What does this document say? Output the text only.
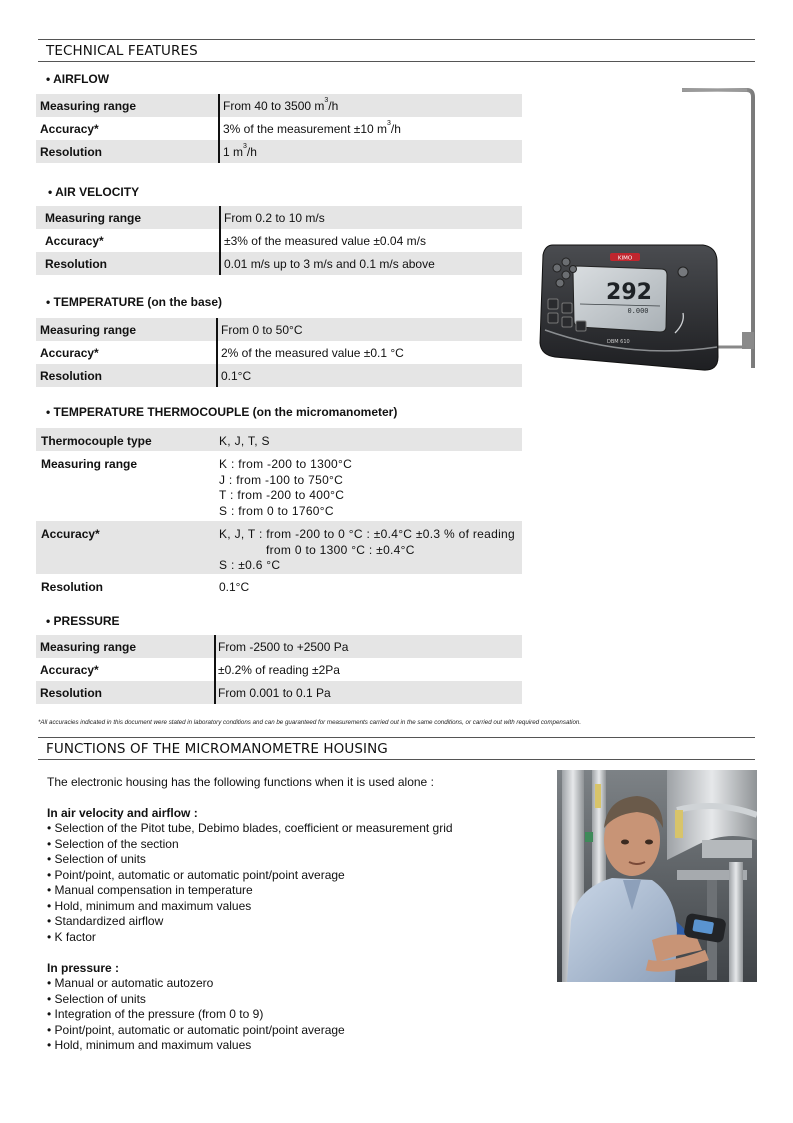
TECHNICAL FEATURES
• AIRFLOW
Measuring range	From 40 to 3500 $m^3/h$
Accuracy*	3% of the measurement ±10 $m^3/h$
Resolution	1 $m^3/h$
• AIR VELOCITY
Measuring range	From 0.2 to 10 m/s
Accuracy*	±3% of the measured value ±0.04 m/s
Resolution	0.01 m/s up to 3 m/s and 0.1 m/s above
• TEMPERATURE (on the base)
Measuring range	From 0 to 50°C
Accuracy*	2% of the measured value ±0.1 °C
Resolution	0.1°C
• TEMPERATURE THERMOCOUPLE (on the micromanometer)
Thermocouple type	K, J, T, S
Measuring range	K : from -200 to 1300°C
J : from -100 to 750°C
T : from -200 to 400°C
S : from 0 to 1760°C
Accuracy*	K, J, T : from -200 to 0 °C : ±0.4°C ±0.3 % of reading
from 0 to 1300 °C : ±0.4°C
S : ±0.6 °C
Resolution	0.1°C
• PRESSURE
Measuring range	From -2500 to +2500 Pa
Accuracy*	±0.2% of reading ±2Pa
Resolution	From 0.001 to 0.1 Pa
*All accuracies indicated in this document were stated in laboratory conditions and can be guaranteed for measurements carried out in the same conditions, or carried out with required compensation.
KIMO
292
0.000
DBM 610
FUNCTIONS OF THE MICROMANOMETRE HOUSING
The electronic housing has the following functions when it is used alone :
In air velocity and airflow :
• Selection of the Pitot tube, Debimo blades, coefficient or measurement grid
• Selection of the section
• Selection of units
• Point/point, automatic or automatic point/point average
• Manual compensation in temperature
• Hold, minimum and maximum values
• Standardized airflow
• K factor
In pressure :
• Manual or automatic autozero
• Selection of units
• Integration of the pressure (from 0 to 9)
• Point/point, automatic or automatic point/point average
• Hold, minimum and maximum values
